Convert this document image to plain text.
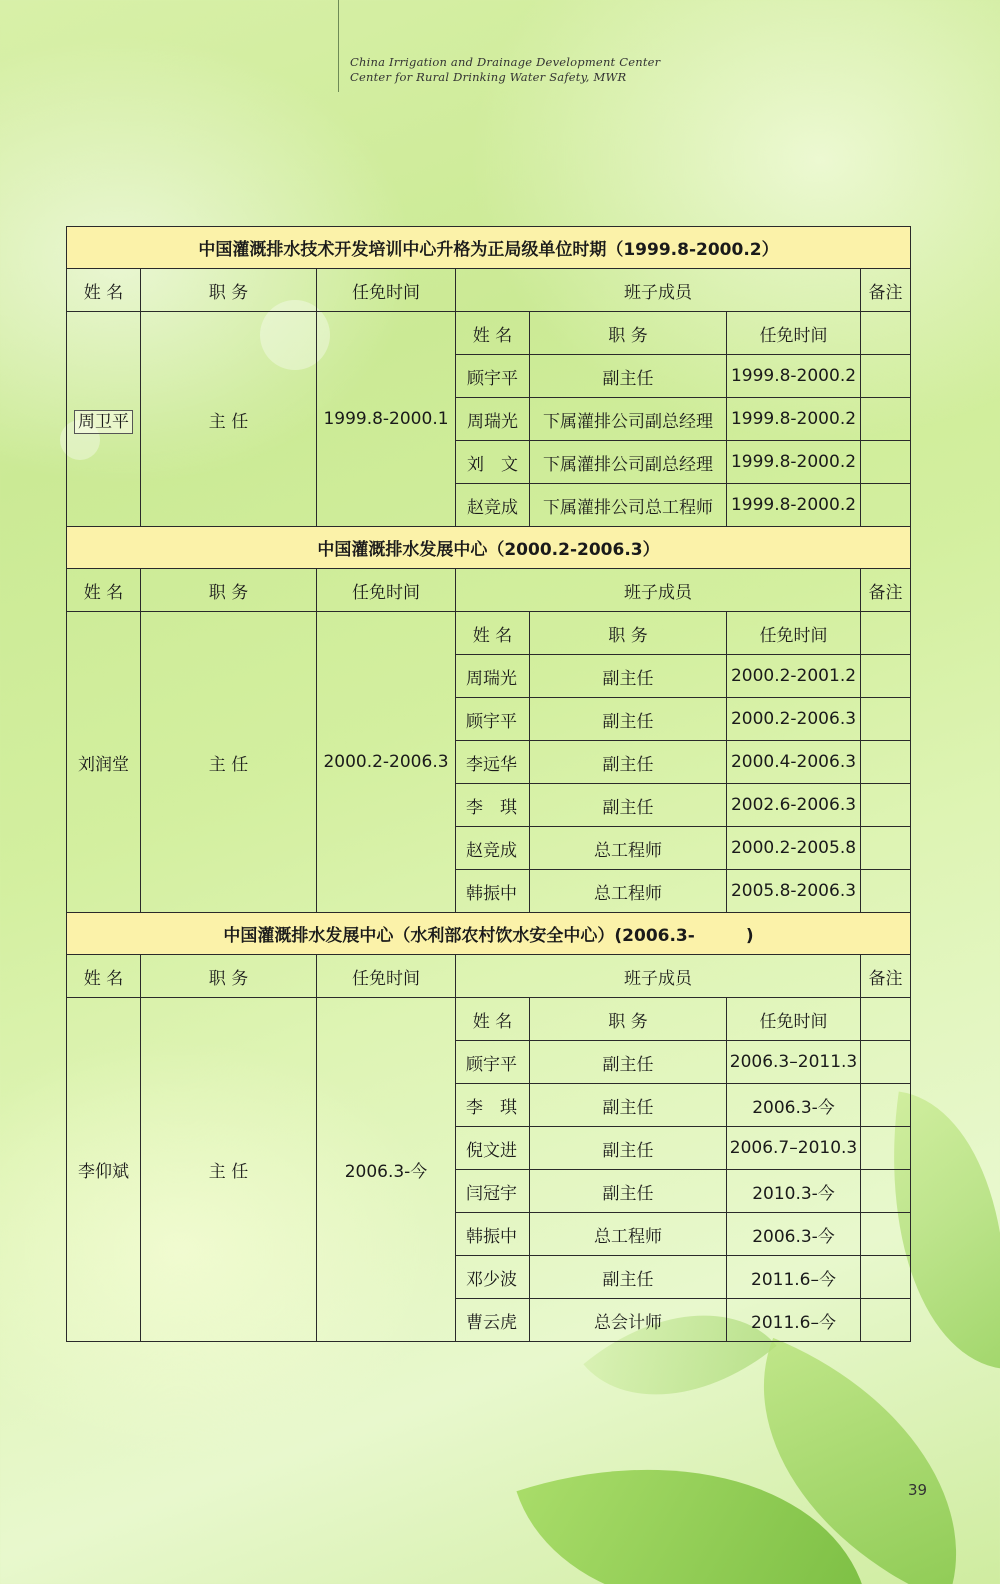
China Irrigation and Drainage Development Center
Center for Rural Drinking Water Safety, MWR
中国灌溉排水技术开发培训中心升格为正局级单位时期（1999.8-2000.2）						
姓 名	职 务	任免时间	班子成员			备注
周卫平	主 任	1999.8-2000.1	姓 名	职 务	任免时间	
			顾宇平	副主任	1999.8-2000.2	
			周瑞光	下属灌排公司副总经理	1999.8-2000.2	
			刘　文	下属灌排公司副总经理	1999.8-2000.2	
			赵竞成	下属灌排公司总工程师	1999.8-2000.2	
中国灌溉排水发展中心（2000.2-2006.3）						
姓 名	职 务	任免时间	班子成员			备注
刘润堂	主 任	2000.2-2006.3	姓 名	职 务	任免时间	
			周瑞光	副主任	2000.2-2001.2	
			顾宇平	副主任	2000.2-2006.3	
			李远华	副主任	2000.4-2006.3	
			李　琪	副主任	2002.6-2006.3	
			赵竞成	总工程师	2000.2-2005.8	
			韩振中	总工程师	2005.8-2006.3	
中国灌溉排水发展中心（水利部农村饮水安全中心）(2006.3-　　　)						
姓 名	职 务	任免时间	班子成员			备注
李仰斌	主 任	2006.3-今	姓 名	职 务	任免时间	
			顾宇平	副主任	2006.3–2011.3	
			李　琪	副主任	2006.3-今	
			倪文进	副主任	2006.7–2010.3	
			闫冠宇	副主任	2010.3-今	
			韩振中	总工程师	2006.3-今	
			邓少波	副主任	2011.6–今	
			曹云虎	总会计师	2011.6–今	
39
